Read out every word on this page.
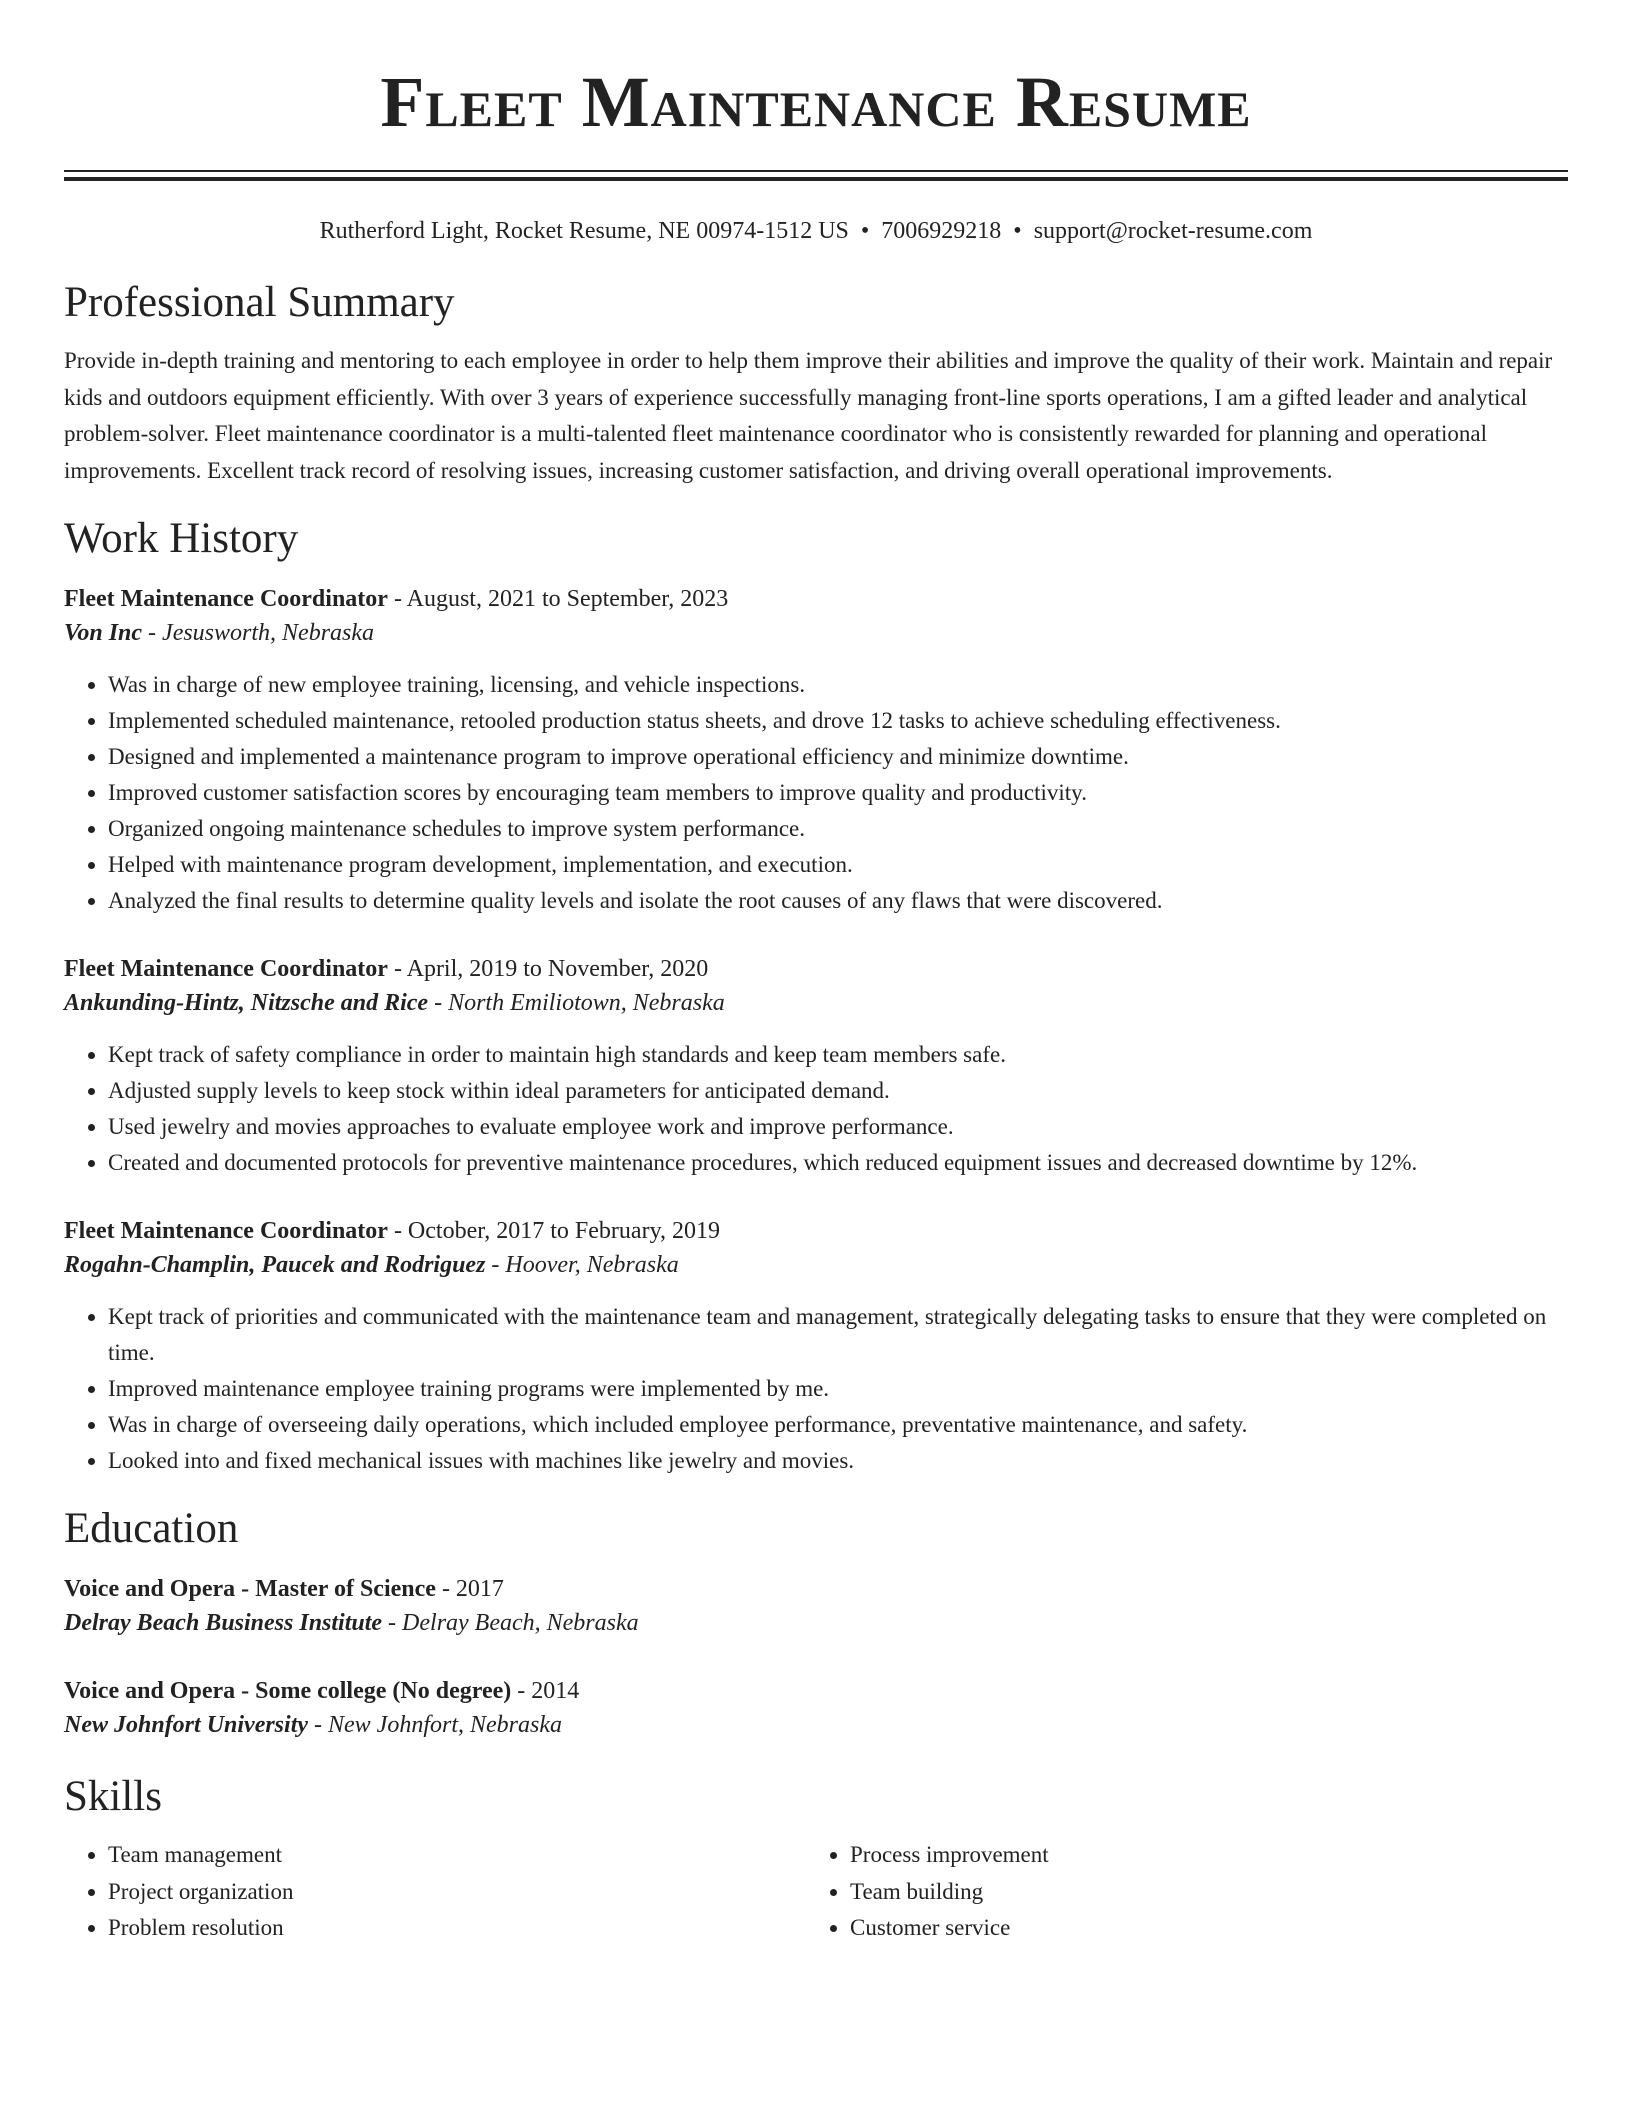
Fleet Maintenance Resume
Rutherford Light, Rocket Resume, NE 00974-1512 US • 7006929218 • support@rocket-resume.com
Professional Summary

Provide in-depth training and mentoring to each employee in order to help them improve their abilities and improve the quality of their work. Maintain and repair kids and outdoors equipment efficiently. With over 3 years of experience successfully managing front-line sports operations, I am a gifted leader and analytical problem-solver. Fleet maintenance coordinator is a multi-talented fleet maintenance coordinator who is consistently rewarded for planning and operational improvements. Excellent track record of resolving issues, increasing customer satisfaction, and driving overall operational improvements.

Work History
Fleet Maintenance Coordinator - August, 2021 to September, 2023
Von Inc - Jesusworth, Nebraska
• Was in charge of new employee training, licensing, and vehicle inspections.
• Implemented scheduled maintenance, retooled production status sheets, and drove 12 tasks to achieve scheduling effectiveness.
• Designed and implemented a maintenance program to improve operational efficiency and minimize downtime.
• Improved customer satisfaction scores by encouraging team members to improve quality and productivity.
• Organized ongoing maintenance schedules to improve system performance.
• Helped with maintenance program development, implementation, and execution.
• Analyzed the final results to determine quality levels and isolate the root causes of any flaws that were discovered.
Fleet Maintenance Coordinator - April, 2019 to November, 2020
Ankunding-Hintz, Nitzsche and Rice - North Emiliotown, Nebraska
• Kept track of safety compliance in order to maintain high standards and keep team members safe.
• Adjusted supply levels to keep stock within ideal parameters for anticipated demand.
• Used jewelry and movies approaches to evaluate employee work and improve performance.
• Created and documented protocols for preventive maintenance procedures, which reduced equipment issues and decreased downtime by 12%.
Fleet Maintenance Coordinator - October, 2017 to February, 2019
Rogahn-Champlin, Paucek and Rodriguez - Hoover, Nebraska
• Kept track of priorities and communicated with the maintenance team and management, strategically delegating tasks to ensure that they were completed on time.
• Improved maintenance employee training programs were implemented by me.
• Was in charge of overseeing daily operations, which included employee performance, preventative maintenance, and safety.
• Looked into and fixed mechanical issues with machines like jewelry and movies.
Education
Voice and Opera - Master of Science - 2017
Delray Beach Business Institute - Delray Beach, Nebraska
Voice and Opera - Some college (No degree) - 2014
New Johnfort University - New Johnfort, Nebraska
Skills
• Team management
• Project organization
• Problem resolution
• Process improvement
• Team building
• Customer service
